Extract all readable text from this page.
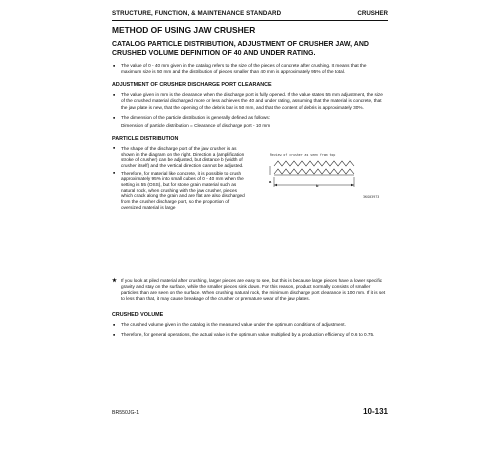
STRUCTURE, FUNCTION, & MAINTENANCE STANDARD	CRUSHER
METHOD OF USING JAW CRUSHER
CATALOG PARTICLE DISTRIBUTION, ADJUSTMENT OF CRUSHER JAW, AND CRUSHED VOLUME DEFINITION OF 40 AND UNDER RATING.
■ The value of 0 - 40 mm given in the catalog refers to the size of the pieces of concrete after crushing. It means that the maximum size is 50 mm and the distribution of pieces smaller than 40 mm is approximately 95% of the total.
ADJUSTMENT OF CRUSHER DISCHARGE PORT CLEARANCE
■ The value given in mm is the clearance when the discharge port is fully opened. If the value states 55 mm adjustment, the size of the crushed material discharged more or less achieves the 40 and under rating, assuming that the material is concrete, that the jaw plate is new, that the opening of the debris bar is 50 mm, and that the content of debris is approximately 30%.
■ The dimension of the particle distribution is generally defined as follows:
Dimension of particle distribution = Clearance of discharge port - 10 mm
PARTICLE DISTRIBUTION
■ The shape of the discharge port of the jaw crusher is as shown in the diagram on the right. Direction a (amplification stroke of crusher) can be adjusted, but distance b (width of crusher itself) and the vertical direction cannot be adjusted.
■ Therefore, for material like concrete, it is possible to crush approximately 95% into small cubes of 0 - 40 mm when the setting is 55 (OSS), but for stone grain material such as natural rock, when crushing with the jaw crusher, pieces which crack along the grain and are flat are also discharged from the crusher discharge port, so the proportion of oversized material is large
Review of crusher as seen from top
a
b
3KG03973
★ If you look at piled material after crushing, larger pieces are easy to see, but this is because large pieces have a lower specific gravity and stay on the surface, while the smaller pieces sink down. For this reason, product normally consists of smaller particles than are seen on the surface. When crushing natural rock, the minimum discharge port clearance is 100 mm. If it is set to less than that, it may cause breakage of the crusher or premature wear of the jaw plates.
CRUSHED VOLUME
■ The crushed volume given in the catalog is the measured value under the optimum conditions of adjustment.
■ Therefore, for general operations, the actual value is the optimum value multiplied by a production efficiency of 0.6 to 0.75.
BR550JG-1	10-131
